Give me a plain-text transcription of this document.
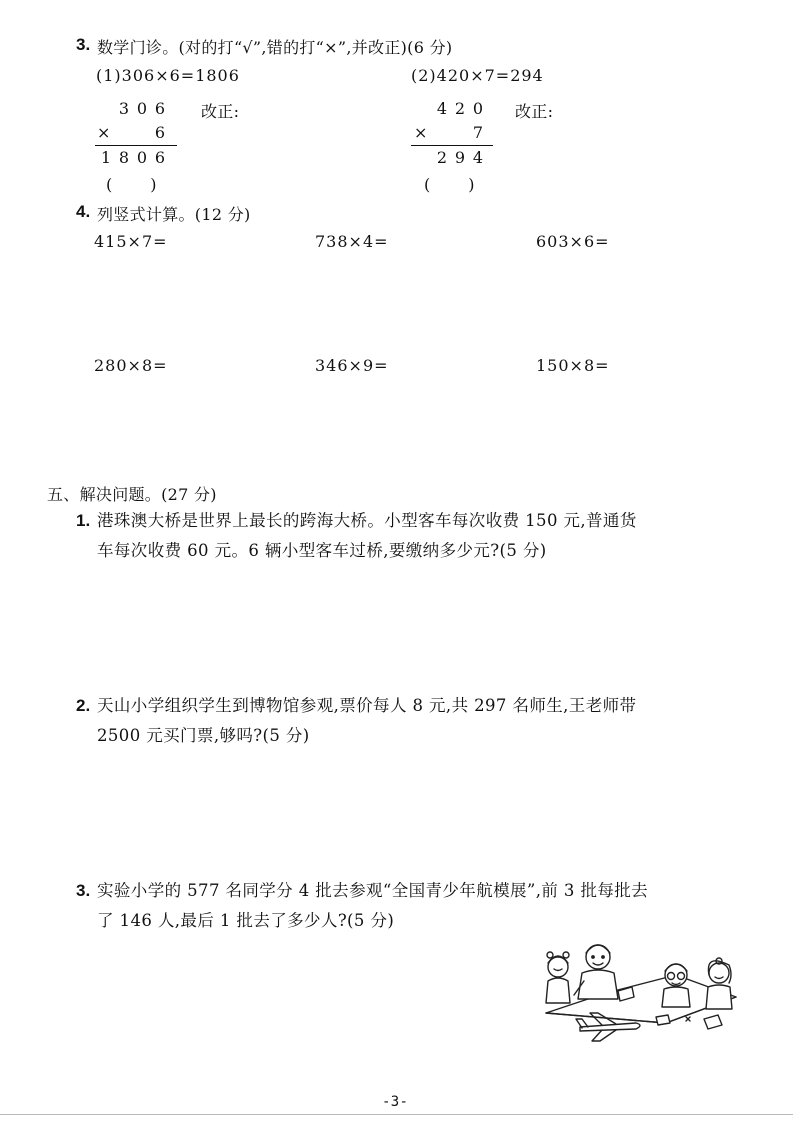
3. 数学门诊。(对的打“√”,错的打“×”,并改正)(6 分)
(1)306×6=1806	(2)420×7=294
3 0 6 改正:
×	6
1 8 0 6
(　　)
4 2 0 改正:
×	7
2 9 4
(　　)
4. 列竖式计算。(12 分)
415×7=	738×4=	603×6=
280×8=	346×9=	150×8=
五、解决问题。(27 分)
1. 港珠澳大桥是世界上最长的跨海大桥。小型客车每次收费 150 元,普通货
车每次收费 60 元。6 辆小型客车过桥,要缴纳多少元?(5 分)
2. 天山小学组织学生到博物馆参观,票价每人 8 元,共 297 名师生,王老师带
2500 元买门票,够吗?(5 分)
3. 实验小学的 577 名同学分 4 批去参观“全国青少年航模展”,前 3 批每批去
了 146 人,最后 1 批去了多少人?(5 分)
-3-
